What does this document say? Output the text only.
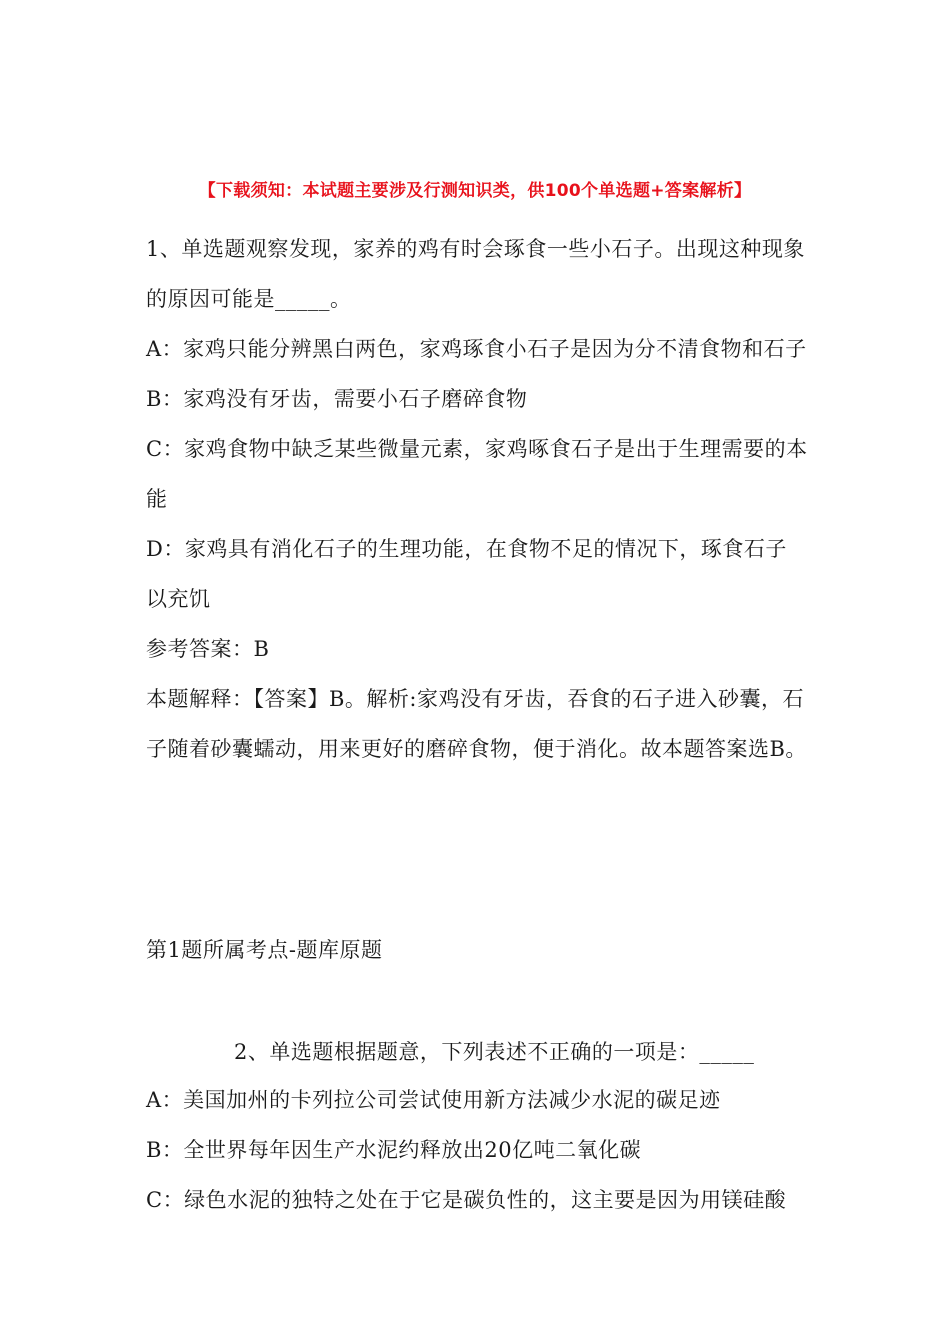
【下载须知：本试题主要涉及行测知识类，供100个单选题+答案解析】

1、单选题观察发现，家养的鸡有时会琢食一些小石子。出现这种现象的原因可能是_____。

A：家鸡只能分辨黑白两色，家鸡琢食小石子是因为分不清食物和石子

B：家鸡没有牙齿，需要小石子磨碎食物

C：家鸡食物中缺乏某些微量元素，家鸡啄食石子是出于生理需要的本能

D：家鸡具有消化石子的生理功能，在食物不足的情况下，琢食石子以充饥

参考答案：B

本题解释：【答案】B。解析:家鸡没有牙齿，吞食的石子进入砂囊，石子随着砂囊蠕动，用来更好的磨碎食物，便于消化。故本题答案选B。

第1题所属考点-题库原题
2、单选题根据题意，下列表述不正确的一项是：_____
A：美国加州的卡列拉公司尝试使用新方法减少水泥的碳足迹
B：全世界每年因生产水泥约释放出20亿吨二氧化碳
C：绿色水泥的独特之处在于它是碳负性的，这主要是因为用镁硅酸
